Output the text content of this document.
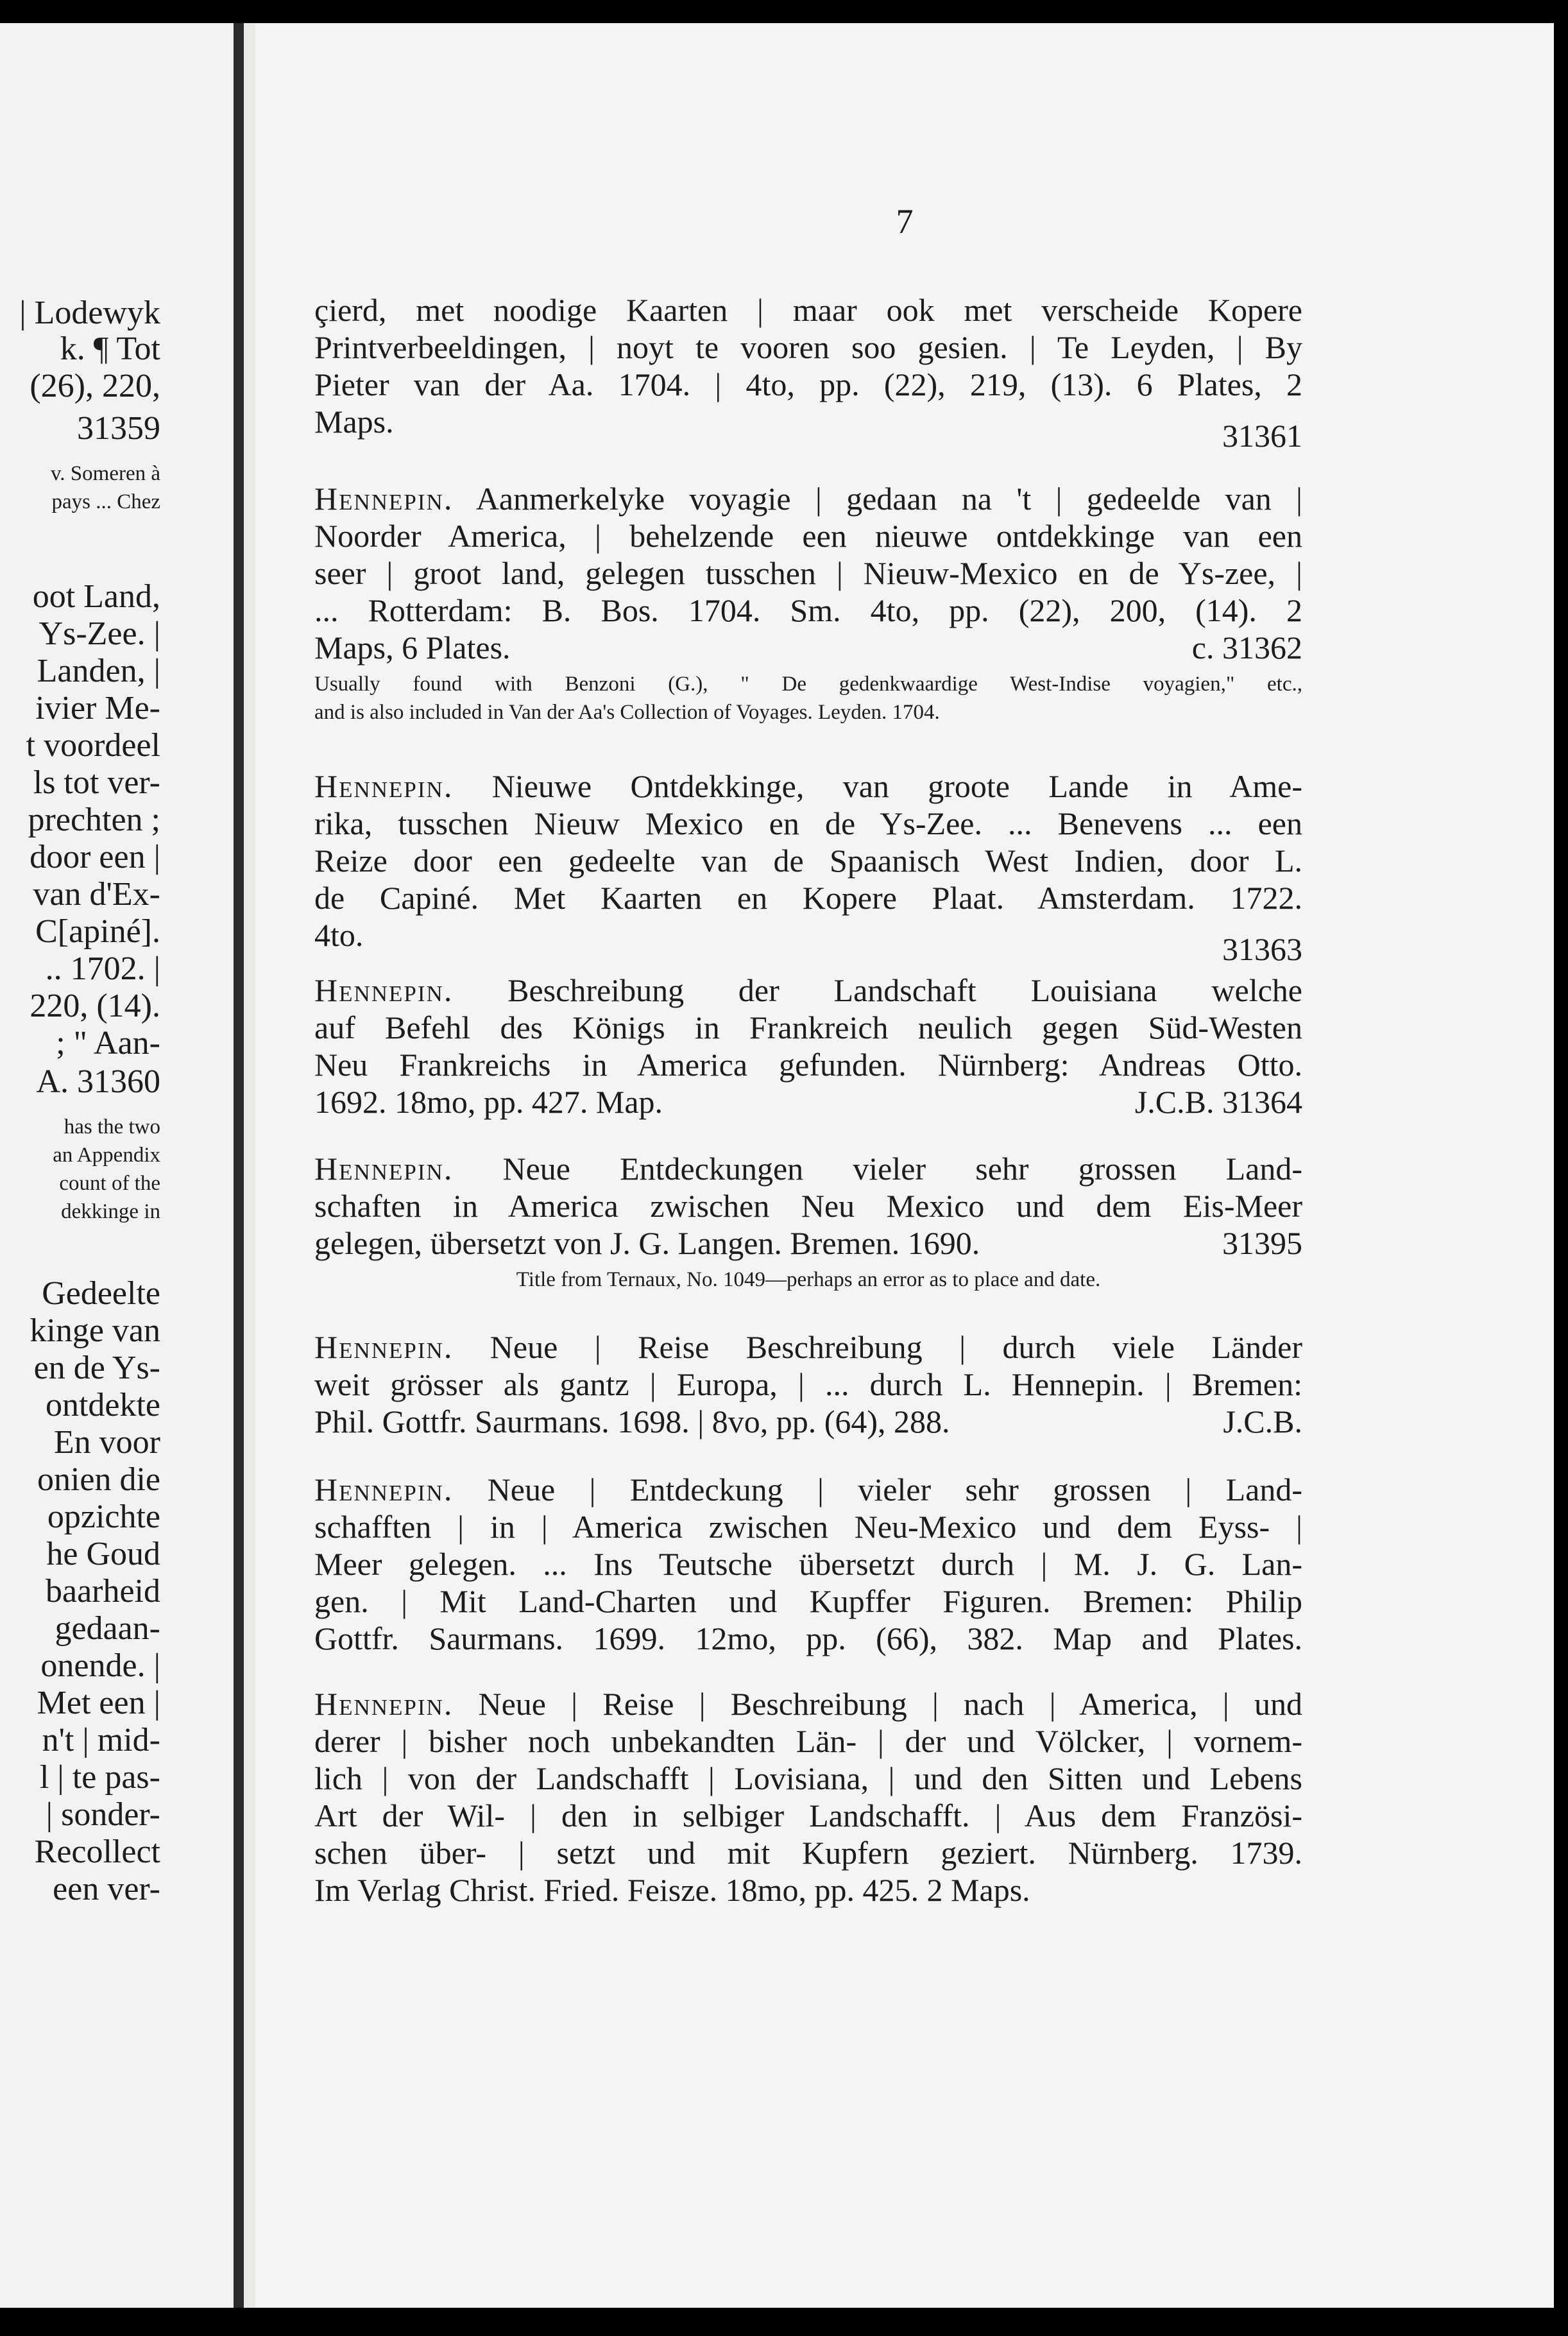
| Lodewyk
k. ¶ Tot
(26), 220,
31359
v. Someren à
pays ... Chez
oot Land,
Ys-Zee. |
Landen, |
ivier Me-
t voordeel
ls tot ver-
prechten ;
door een |
van d'Ex-
C[apiné].
.. 1702. |
220, (14).
; " Aan-
A. 31360
has the two
an Appendix
count of the
dekkinge in
Gedeelte
kinge van
en de Ys-
ontdekte
En voor
onien die
opzichte
he Goud
baarheid
gedaan-
onende. |
Met een |
n't | mid-
l | te pas-
| sonder-
Recollect
een ver-
7
çierd, met noodige Kaarten | maar ook met verscheide Kopere
Printverbeeldingen, | noyt te vooren soo gesien. | Te Leyden, | By
Pieter van der Aa. 1704. | 4to, pp. (22), 219, (13). 6 Plates, 2
Maps.	31361
Hennepin. Aanmerkelyke voyagie | gedaan na 't | gedeelde van |
Noorder America, | behelzende een nieuwe ontdekkinge van een
seer | groot land, gelegen tusschen | Nieuw-Mexico en de Ys-zee, |
... Rotterdam: B. Bos. 1704. Sm. 4to, pp. (22), 200, (14). 2
Maps, 6 Plates.	c. 31362
Usually found with Benzoni (G.), " De gedenkwaardige West-Indise voyagien," etc.,
and is also included in Van der Aa's Collection of Voyages. Leyden. 1704.
Hennepin. Nieuwe Ontdekkinge, van groote Lande in Ame-
rika, tusschen Nieuw Mexico en de Ys-Zee. ... Benevens ... een
Reize door een gedeelte van de Spaanisch West Indien, door L.
de Capiné. Met Kaarten en Kopere Plaat. Amsterdam. 1722.
4to.	31363
Hennepin. Beschreibung der Landschaft Louisiana welche
auf Befehl des Königs in Frankreich neulich gegen Süd-Westen
Neu Frankreichs in America gefunden. Nürnberg: Andreas Otto.
1692. 18mo, pp. 427. Map.	J.C.B. 31364
Hennepin. Neue Entdeckungen vieler sehr grossen Land-
schaften in America zwischen Neu Mexico und dem Eis-Meer
gelegen, übersetzt von J. G. Langen. Bremen. 1690.	31395
Title from Ternaux, No. 1049—perhaps an error as to place and date.
Hennepin. Neue | Reise Beschreibung | durch viele Länder
weit grösser als gantz | Europa, | ... durch L. Hennepin. | Bremen:
Phil. Gottfr. Saurmans. 1698. | 8vo, pp. (64), 288.	J.C.B.
Hennepin. Neue | Entdeckung | vieler sehr grossen | Land-
schafften | in | America zwischen Neu-Mexico und dem Eyss- |
Meer gelegen. ... Ins Teutsche übersetzt durch | M. J. G. Lan-
gen. | Mit Land-Charten und Kupffer Figuren. Bremen: Philip
Gottfr. Saurmans. 1699. 12mo, pp. (66), 382. Map and Plates.
Hennepin. Neue | Reise | Beschreibung | nach | America, | und
derer | bisher noch unbekandten Län- | der und Völcker, | vornem-
lich | von der Landschafft | Lovisiana, | und den Sitten und Lebens
Art der Wil- | den in selbiger Landschafft. | Aus dem Französi-
schen über- | setzt und mit Kupfern geziert. Nürnberg. 1739.
Im Verlag Christ. Fried. Feisze. 18mo, pp. 425. 2 Maps.
